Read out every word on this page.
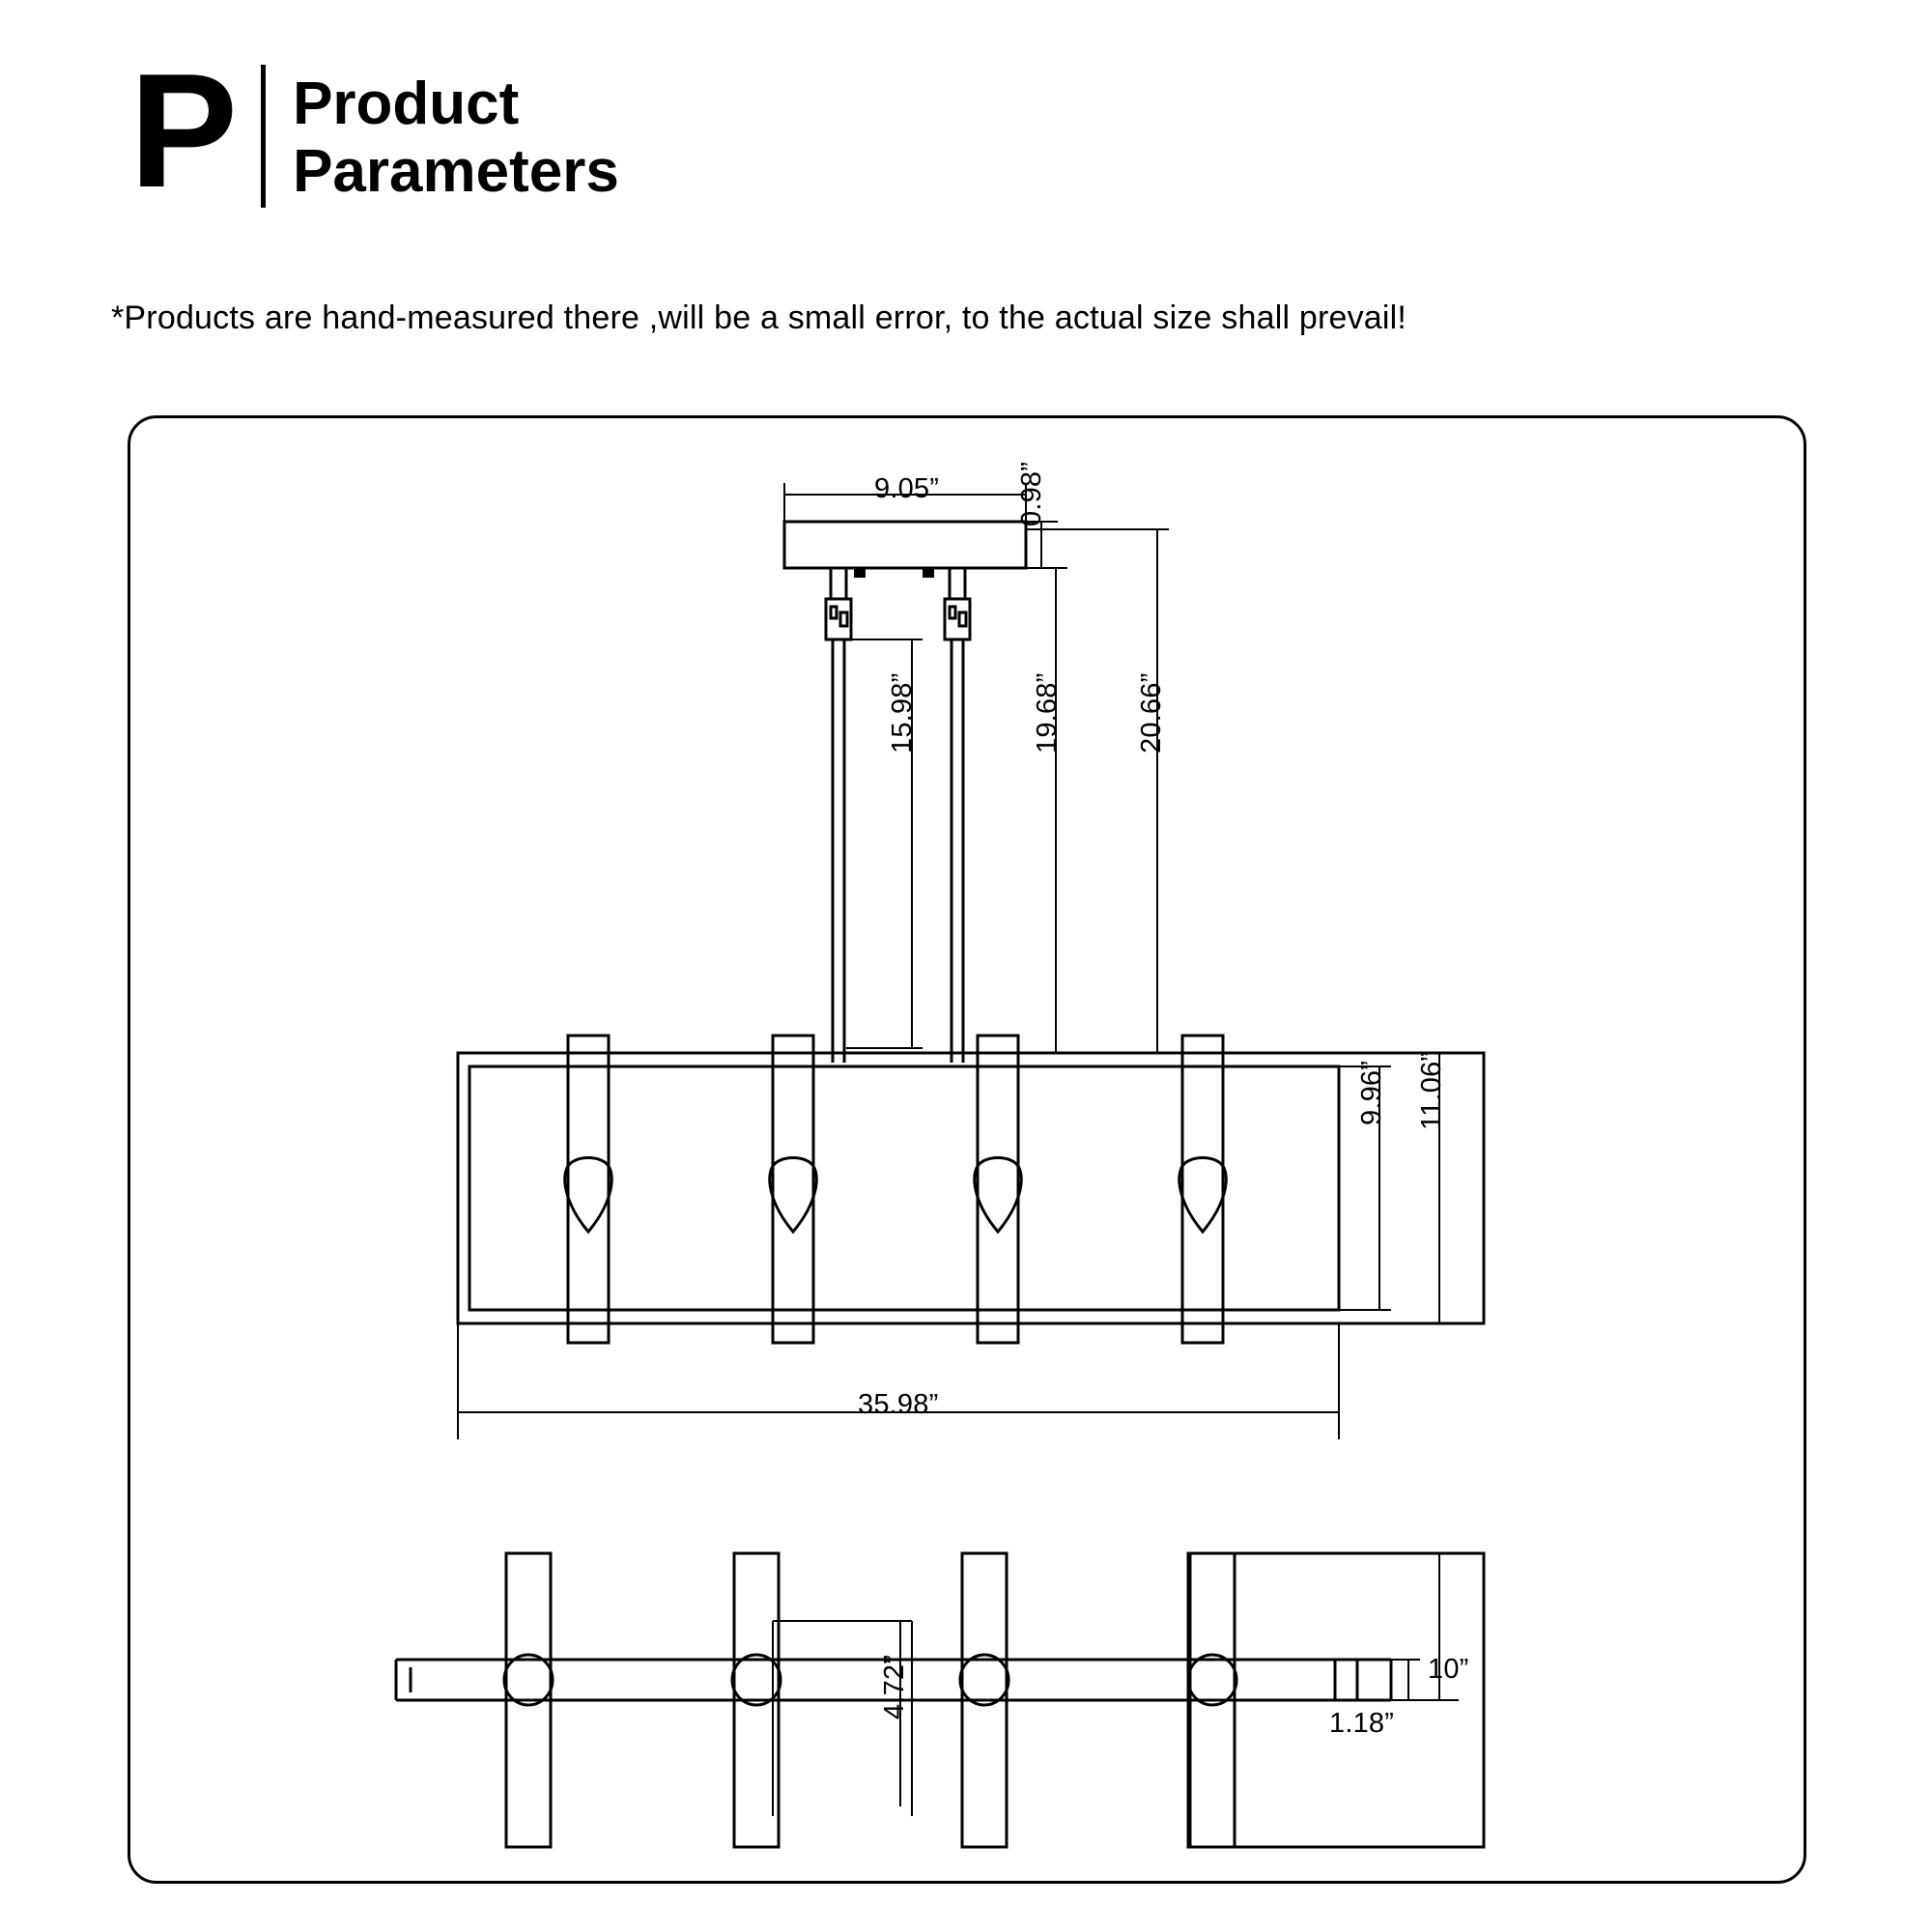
P Product
Parameters
*Products are hand-measured there ,will be a small error, to the actual size shall prevail!
9.05”	0.98”
15.98”	19.68”	20.66”
9.96” 11.06”
35.98”
10”
1.18”
4.72”
